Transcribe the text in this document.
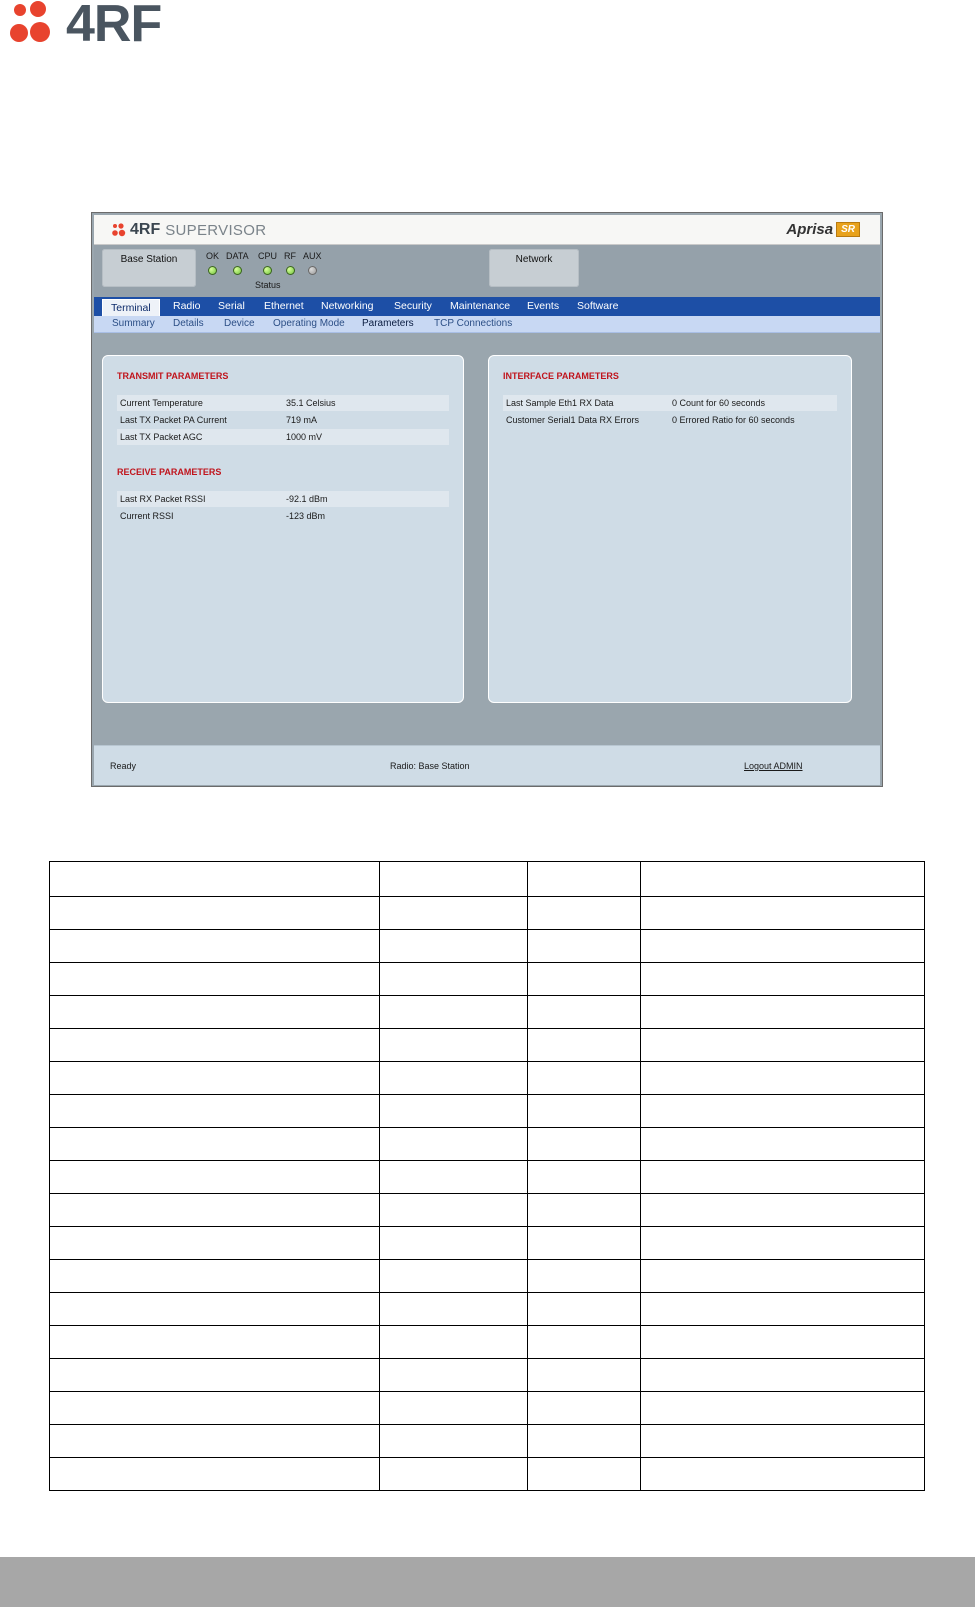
4RF
4RF SUPERVISOR	Aprisa SR
Base Station	OK DATA CPU RF AUX
Status
Network
Terminal	Radio Serial Ethernet Networking Security Maintenance Events Software
Summary Details Device Operating Mode Parameters TCP Connections
TRANSMIT PARAMETERS
Current Temperature	35.1 Celsius
Last TX Packet PA Current	719 mA
Last TX Packet AGC	1000 mV
RECEIVE PARAMETERS
Last RX Packet RSSI	-92.1 dBm
Current RSSI	-123 dBm
INTERFACE PARAMETERS
Last Sample Eth1 RX Data	0 Count for 60 seconds
Customer Serial1 Data RX Errors	0 Errored Ratio for 60 seconds
Ready	Radio: Base Station	Logout ADMIN
